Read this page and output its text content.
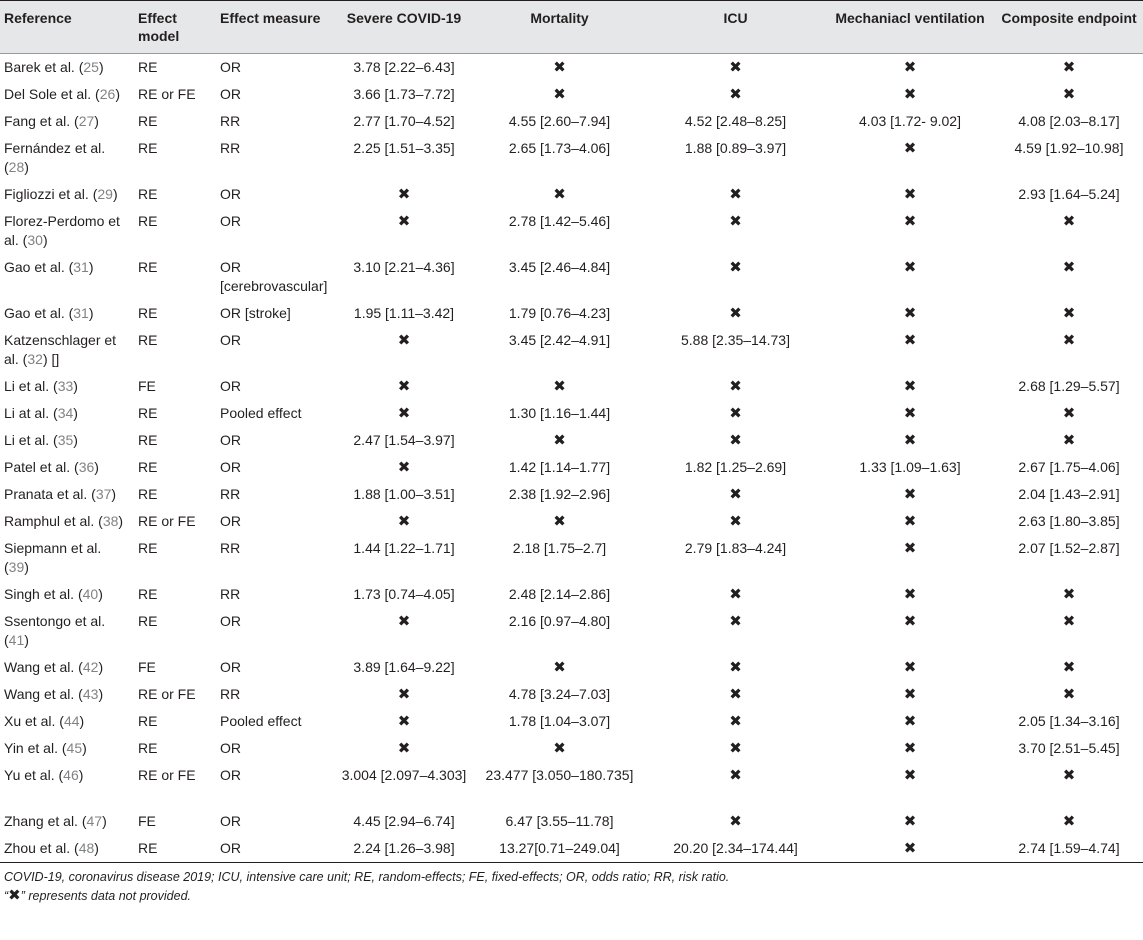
Reference	Effect model	Effect measure	Severe COVID-19	Mortality	ICU	Mechaniacl ventilation	Composite endpoint
Barek et al. (25)	RE	OR	3.78 [2.22–6.43]	✖	✖	✖	✖
Del Sole et al. (26)	RE or FE	OR	3.66 [1.73–7.72]	✖	✖	✖	✖
Fang et al. (27)	RE	RR	2.77 [1.70–4.52]	4.55 [2.60–7.94]	4.52 [2.48–8.25]	4.03 [1.72- 9.02]	4.08 [2.03–8.17]
Fernández et al. (28)	RE	RR	2.25 [1.51–3.35]	2.65 [1.73–4.06]	1.88 [0.89–3.97]	✖	4.59 [1.92–10.98]
Figliozzi et al. (29)	RE	OR	✖	✖	✖	✖	2.93 [1.64–5.24]
Florez-Perdomo et al. (30)	RE	OR	✖	2.78 [1.42–5.46]	✖	✖	✖
Gao et al. (31)	RE	OR [cerebrovascular]	3.10 [2.21–4.36]	3.45 [2.46–4.84]	✖	✖	✖
Gao et al. (31)	RE	OR [stroke]	1.95 [1.11–3.42]	1.79 [0.76–4.23]	✖	✖	✖
Katzenschlager et al. (32) []	RE	OR	✖	3.45 [2.42–4.91]	5.88 [2.35–14.73]	✖	✖
Li et al. (33)	FE	OR	✖	✖	✖	✖	2.68 [1.29–5.57]
Li at al. (34)	RE	Pooled effect	✖	1.30 [1.16–1.44]	✖	✖	✖
Li et al. (35)	RE	OR	2.47 [1.54–3.97]	✖	✖	✖	✖
Patel et al. (36)	RE	OR	✖	1.42 [1.14–1.77]	1.82 [1.25–2.69]	1.33 [1.09–1.63]	2.67 [1.75–4.06]
Pranata et al. (37)	RE	RR	1.88 [1.00–3.51]	2.38 [1.92–2.96]	✖	✖	2.04 [1.43–2.91]
Ramphul et al. (38)	RE or FE	OR	✖	✖	✖	✖	2.63 [1.80–3.85]
Siepmann et al. (39)	RE	RR	1.44 [1.22–1.71]	2.18 [1.75–2.7]	2.79 [1.83–4.24]	✖	2.07 [1.52–2.87]
Singh et al. (40)	RE	RR	1.73 [0.74–4.05]	2.48 [2.14–2.86]	✖	✖	✖
Ssentongo et al. (41)	RE	OR	✖	2.16 [0.97–4.80]	✖	✖	✖
Wang et al. (42)	FE	OR	3.89 [1.64–9.22]	✖	✖	✖	✖
Wang et al. (43)	RE or FE	RR	✖	4.78 [3.24–7.03]	✖	✖	✖
Xu et al. (44)	RE	Pooled effect	✖	1.78 [1.04–3.07]	✖	✖	2.05 [1.34–3.16]
Yin et al. (45)	RE	OR	✖	✖	✖	✖	3.70 [2.51–5.45]
Yu et al. (46)	RE or FE	OR	3.004 [2.097–4.303]	23.477 [3.050–180.735]	✖	✖	✖
Zhang et al. (47)	FE	OR	4.45 [2.94–6.74]	6.47 [3.55–11.78]	✖	✖	✖
Zhou et al. (48)	RE	OR	2.24 [1.26–3.98]	13.27[0.71–249.04]	20.20 [2.34–174.44]	✖	2.74 [1.59–4.74]
COVID-19, coronavirus disease 2019; ICU, intensive care unit; RE, random-effects; FE, fixed-effects; OR, odds ratio; RR, risk ratio.
“✖” represents data not provided.
